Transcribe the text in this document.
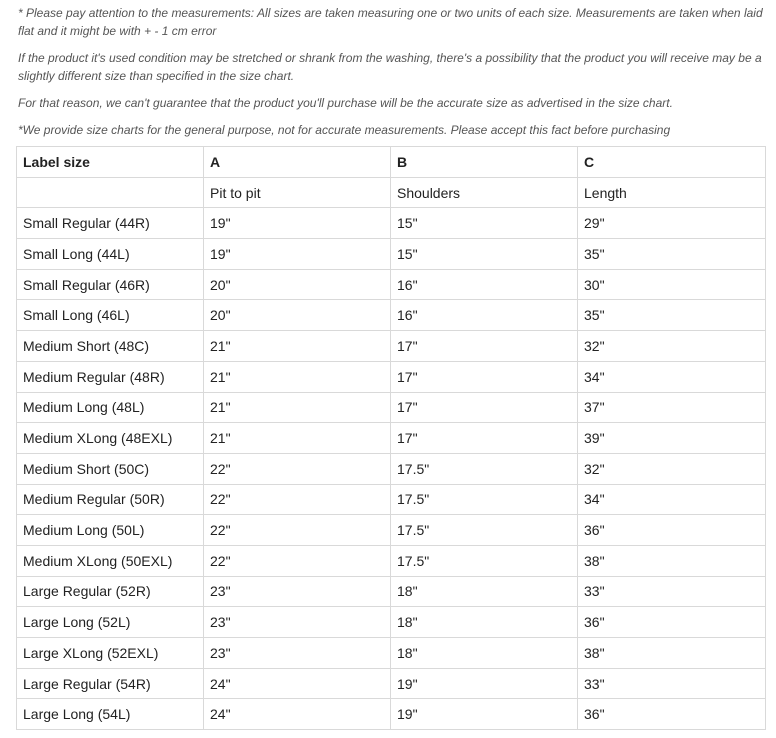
* Please pay attention to the measurements: All sizes are taken measuring one or two units of each size. Measurements are taken when laid flat and it might be with + - 1 cm error

If the product it's used condition may be stretched or shrank from the washing, there's a possibility that the product you will receive may be a slightly different size than specified in the size chart.

For that reason, we can't guarantee that the product you'll purchase will be the accurate size as advertised in the size chart.

*We provide size charts for the general purpose, not for accurate measurements. Please accept this fact before purchasing

Label size	A	B	C
	Pit to pit	Shoulders	Length
Small Regular (44R)	19"	15"	29"
Small Long (44L)	19"	15"	35"
Small Regular (46R)	20"	16"	30"
Small Long (46L)	20"	16"	35"
Medium Short (48C)	21"	17"	32"
Medium Regular (48R)	21"	17"	34"
Medium Long (48L)	21"	17"	37"
Medium XLong (48EXL)	21"	17"	39"
Medium Short (50C)	22"	17.5"	32"
Medium Regular (50R)	22"	17.5"	34"
Medium Long (50L)	22"	17.5"	36"
Medium XLong (50EXL)	22"	17.5"	38"
Large Regular (52R)	23"	18"	33"
Large Long (52L)	23"	18"	36"
Large XLong (52EXL)	23"	18"	38"
Large Regular (54R)	24"	19"	33"
Large Long (54L)	24"	19"	36"
